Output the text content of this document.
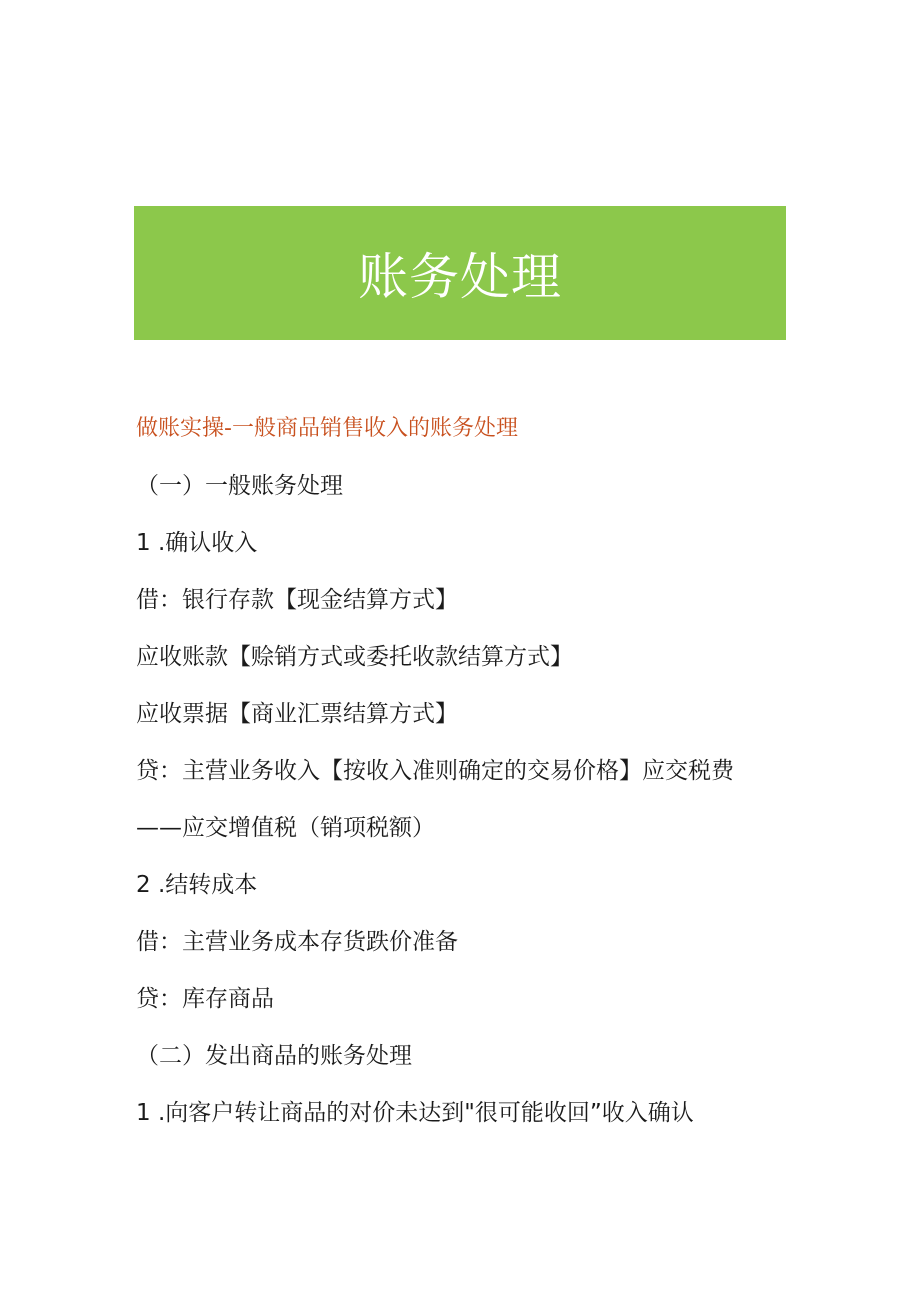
账务处理
做账实操-一般商品销售收入的账务处理
（一）一般账务处理
1 .确认收入
借：银行存款【现金结算方式】
应收账款【赊销方式或委托收款结算方式】
应收票据【商业汇票结算方式】
贷：主营业务收入【按收入准则确定的交易价格】应交税费
——应交增值税（销项税额）
2 .结转成本
借：主营业务成本存货跌价准备
贷：库存商品
（二）发出商品的账务处理
1 .向客户转让商品的对价未达到"很可能收回”收入确认
